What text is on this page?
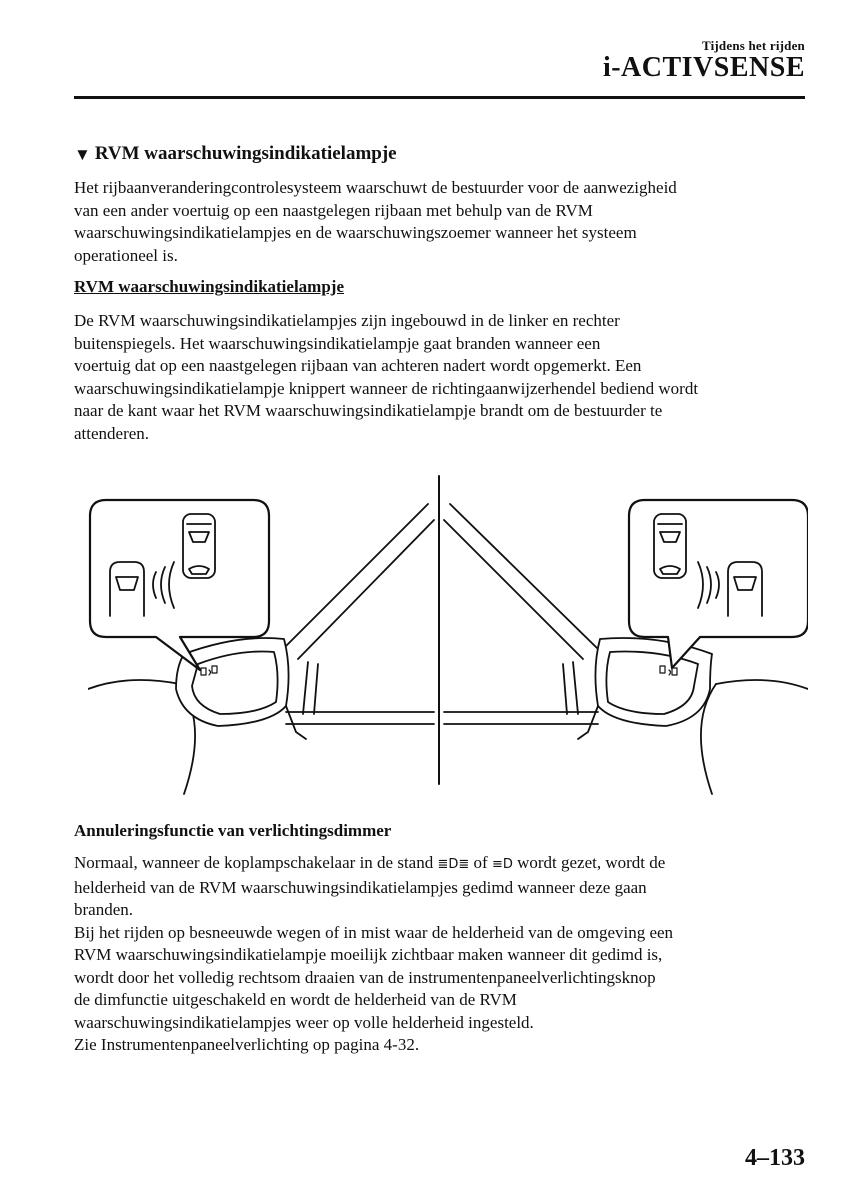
Tijdens het rijden
i-ACTIVSENSE
▼ RVM waarschuwingsindikatielampje

Het rijbaanveranderingcontrolesysteem waarschuwt de bestuurder voor de aanwezigheid
van een ander voertuig op een naastgelegen rijbaan met behulp van de RVM
waarschuwingsindikatielampjes en de waarschuwingszoemer wanneer het systeem
operationeel is.

RVM waarschuwingsindikatielampje

De RVM waarschuwingsindikatielampjes zijn ingebouwd in de linker en rechter
buitenspiegels. Het waarschuwingsindikatielampje gaat branden wanneer een
voertuig dat op een naastgelegen rijbaan van achteren nadert wordt opgemerkt. Een
waarschuwingsindikatielampje knippert wanneer de richtingaanwijzerhendel bediend wordt
naar de kant waar het RVM waarschuwingsindikatielampje brandt om de bestuurder te
attenderen.

Annuleringsfunctie van verlichtingsdimmer

Normaal, wanneer de koplampschakelaar in de stand ≣D≣ of ≡D wordt gezet, wordt de
helderheid van de RVM waarschuwingsindikatielampjes gedimd wanneer deze gaan
branden.
Bij het rijden op besneeuwde wegen of in mist waar de helderheid van de omgeving een
RVM waarschuwingsindikatielampje moeilijk zichtbaar maken wanneer dit gedimd is,
wordt door het volledig rechtsom draaien van de instrumentenpaneelverlichtingsknop
de dimfunctie uitgeschakeld en wordt de helderheid van de RVM
waarschuwingsindikatielampjes weer op volle helderheid ingesteld.
Zie Instrumentenpaneelverlichting op pagina 4-32.

4–133
